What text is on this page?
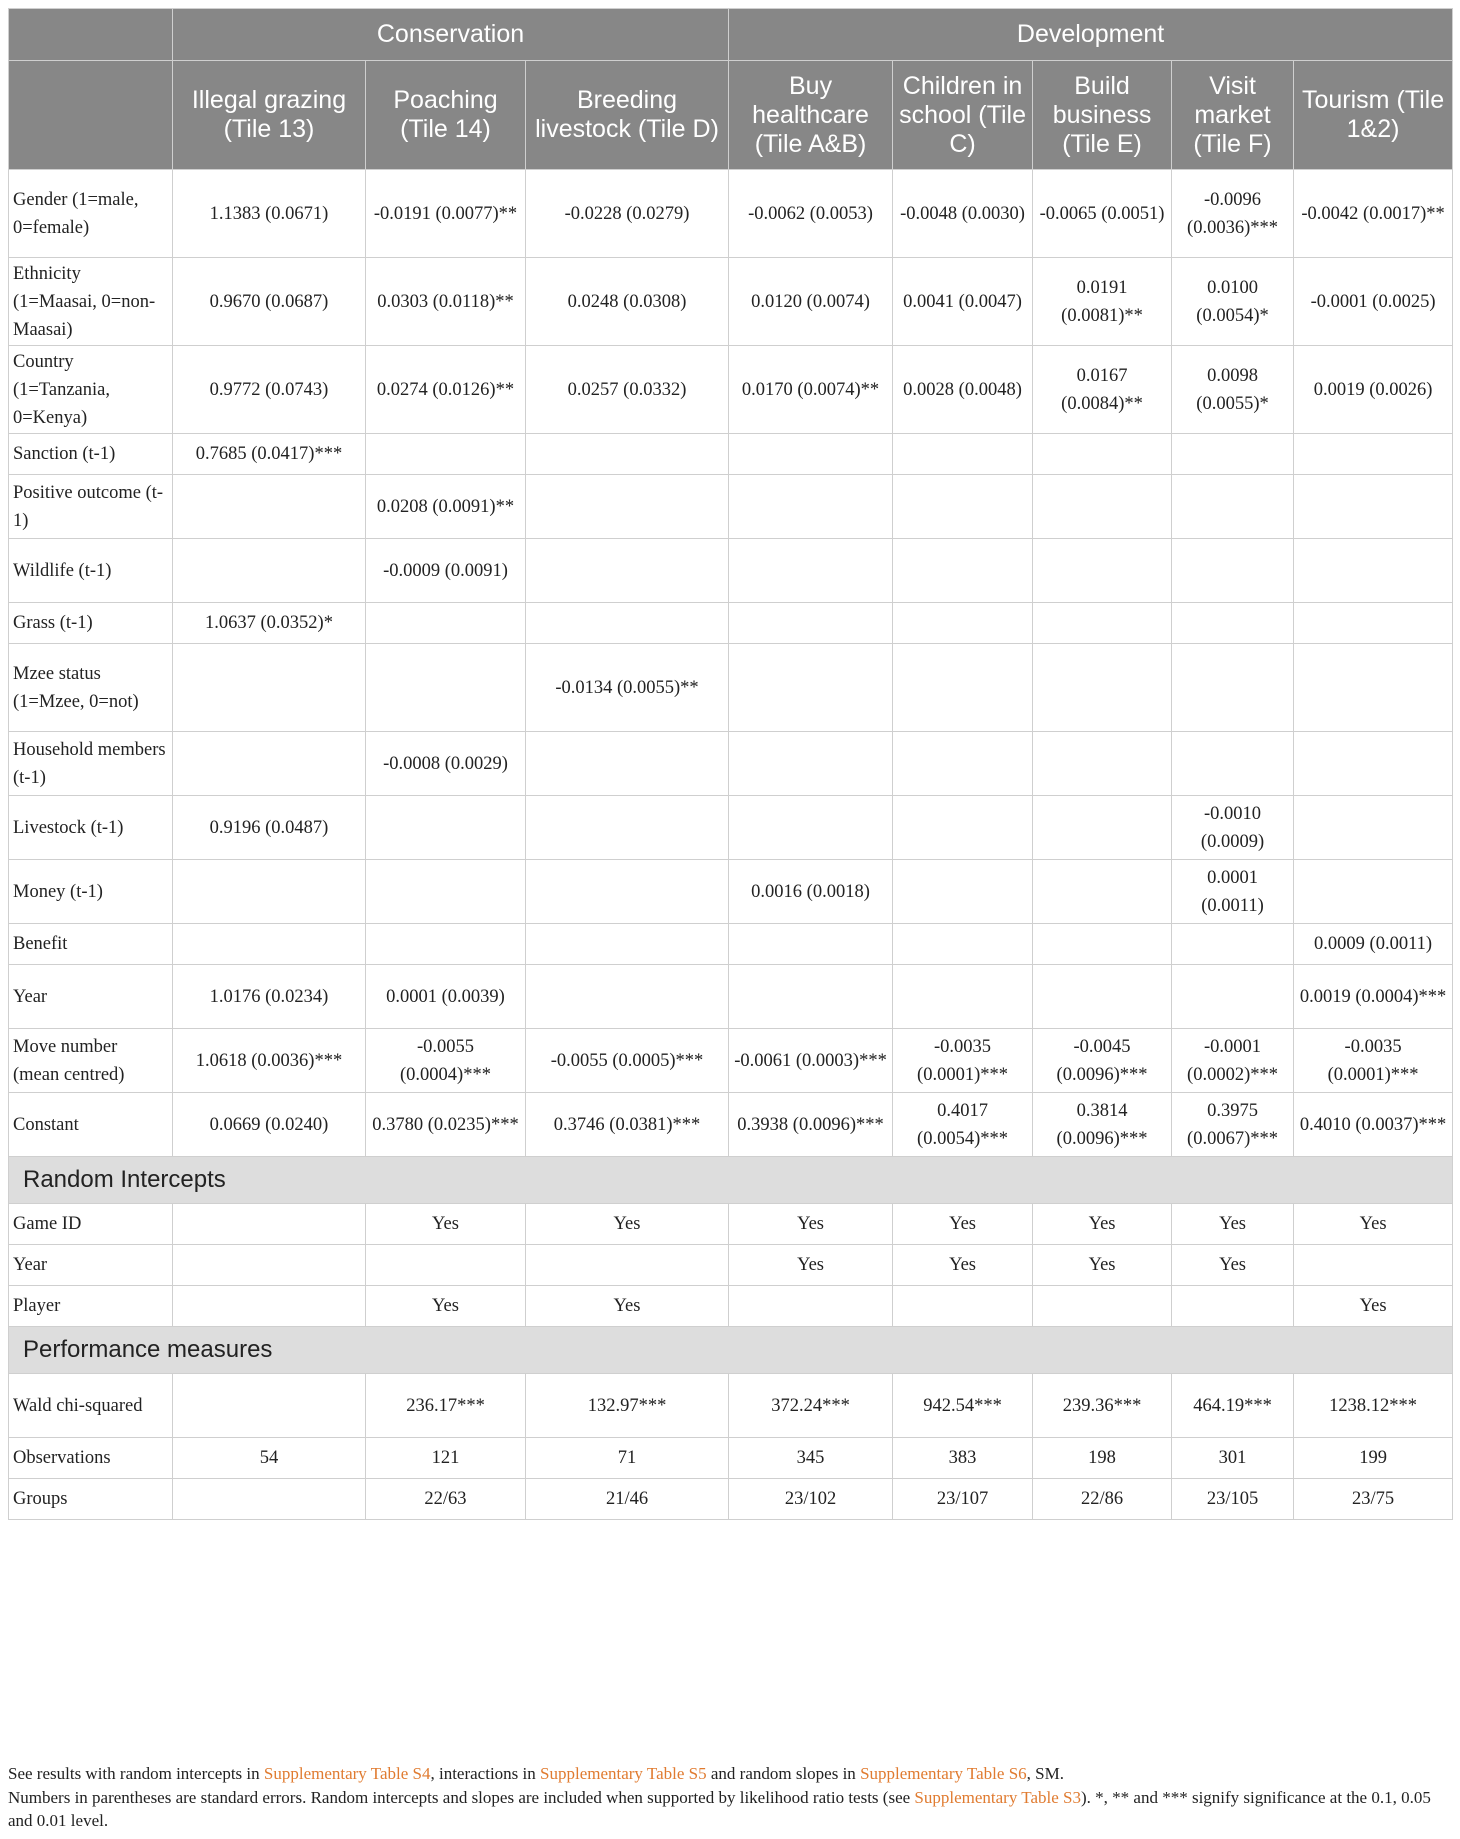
	Conservation			Development				
	Illegal grazing (Tile 13)	Poaching (Tile 14)	Breeding livestock (Tile D)	Buy healthcare (Tile A&B)	Children in school (Tile C)	Build business (Tile E)	Visit market (Tile F)	Tourism (Tile 1&2)
Gender (1=male, 0=female)	1.1383 (0.0671)	-0.0191 (0.0077)**	-0.0228 (0.0279)	-0.0062 (0.0053)	-0.0048 (0.0030)	-0.0065 (0.0051)	-0.0096 (0.0036)***	-0.0042 (0.0017)**
Ethnicity (1=Maasai, 0=non-Maasai)	0.9670 (0.0687)	0.0303 (0.0118)**	0.0248 (0.0308)	0.0120 (0.0074)	0.0041 (0.0047)	0.0191 (0.0081)**	0.0100 (0.0054)*	-0.0001 (0.0025)
Country (1=Tanzania, 0=Kenya)	0.9772 (0.0743)	0.0274 (0.0126)**	0.0257 (0.0332)	0.0170 (0.0074)**	0.0028 (0.0048)	0.0167 (0.0084)**	0.0098 (0.0055)*	0.0019 (0.0026)
Sanction (t-1)	0.7685 (0.0417)***							
Positive outcome (t-1)		0.0208 (0.0091)**						
Wildlife (t-1)		-0.0009 (0.0091)						
Grass (t-1)	1.0637 (0.0352)*							
Mzee status (1=Mzee, 0=not)			-0.0134 (0.0055)**					
Household members (t-1)		-0.0008 (0.0029)						
Livestock (t-1)	0.9196 (0.0487)						-0.0010 (0.0009)	
Money (t-1)				0.0016 (0.0018)			0.0001 (0.0011)	
Benefit								0.0009 (0.0011)
Year	1.0176 (0.0234)	0.0001 (0.0039)						0.0019 (0.0004)***
Move number (mean centred)	1.0618 (0.0036)***	-0.0055 (0.0004)***	-0.0055 (0.0005)***	-0.0061 (0.0003)***	-0.0035 (0.0001)***	-0.0045 (0.0096)***	-0.0001 (0.0002)***	-0.0035 (0.0001)***
Constant	0.0669 (0.0240)	0.3780 (0.0235)***	0.3746 (0.0381)***	0.3938 (0.0096)***	0.4017 (0.0054)***	0.3814 (0.0096)***	0.3975 (0.0067)***	0.4010 (0.0037)***
Random Intercepts								
Game ID		Yes	Yes	Yes	Yes	Yes	Yes	Yes
Year				Yes	Yes	Yes	Yes	
Player		Yes	Yes					Yes
Performance measures								
Wald chi-squared		236.17***	132.97***	372.24***	942.54***	239.36***	464.19***	1238.12***
Observations	54	121	71	345	383	198	301	199
Groups		22/63	21/46	23/102	23/107	22/86	23/105	23/75

See results with random intercepts in Supplementary Table S4, interactions in Supplementary Table S5 and random slopes in Supplementary Table S6, SM.

Numbers in parentheses are standard errors. Random intercepts and slopes are included when supported by likelihood ratio tests (see Supplementary Table S3). *, ** and *** signify significance at the 0.1, 0.05 and 0.01 level.
